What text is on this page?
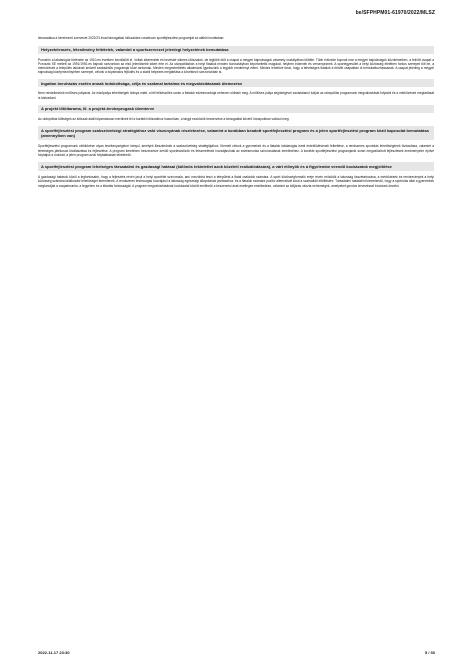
be/SFPHPM01-61970/2022/MLSZ

lemaradása a kérelmező szervezet 2022/23 évad támogatási időszakára vonatkozó sportfejlesztési programját az alábbi bontásban:

Helyzetelemzés, létesítmény feltételek, valamint a sportszervezet jelenlegi helyzetének bemutatása

Porosfón a labdarúgás története az 1910-es években kezdődött el. Voltak sikeresebb és kevésbé sikeres időszakok, de legtöbb időt a csapat a megyei bajnokságok valamely osztályában töltötte. Több évtizede kopnak már a megyei bajnokságok küzdelmeiben, a felnőtt csapat a Porosztó SE mellett az 1991/1992-es bajnoki szezonban az első jelentősebb sikert érte el. Az utánpótlásban a helyi fiatalok minden korosztályban képviseltetik magukat, helyben edzenek és versenyeznek. A sportegyesület a helyi közösség életében fontos szerepet tölt be, a mérkőzések a település lakóinak kedvelt szabadidős programjai közé tartoznak. Minden megmérettetés alkalmával igyekszünk a legjobb eredményt elérni. Mindez lehetővé teszi, hogy a tehetséges fiatalok a felnőtt csapatban is bemutatkozhassanak. A csapat jelenleg a megyei bajnokság középmezőnyében szerepel, célunk a folyamatos fejlődés és a stabil helyezés megtartása a következő szezonokban is.

Ingatlan beruházás esetén annak indokoltsága, célja és szakmai tartalma és megvalósításának ütemezése

Nem rendelkezünk műfüves pályával. Az edzőpálya lehetőségek hiánya miatt, a téli felkészülés során a fiatalok edzésmunkája nehezen oldható meg. A műfüves pálya segítségével zavartalanul tudjuk az utánpótlás programunk megvalósítását folytatni és a mérkőzések megtartását is biztosítani.

A projekt lőtöltarama, III. a projekt-tervkeprogask ütemterve

Az utánpótlás költségek az időszak alatt folyamatosan merülnek fel a korábbi időszakhoz hasonlóan, a tárgyi eszközök beszerzése a támogatást követő hónapokban valósul meg.

A sportfejlesztési program szakszövetségi stratégiához való viszonyának részletezése, valamint a korábban beadott sportfejlesztési program és a jelen sportfejlesztési program közti kapcsolat bemutatása (amennyiben van)

Sportfejlesztési programunk célkitűzése olyan tevékenységekre irányul, amelyek illeszkednek a szakszövetség stratégiájához. Kiemelt célunk a gyermekek és a fiatalok labdarúgás iránti érdeklődésének felkeltése, a rendszeres sportolás lehetőségének biztosítása, valamint a tehetséges játékosok kiválasztása és fejlesztése. A program keretében beszerzésre kerülő sporteszközök és felszerelések hozzájárulnak az edzésmunka színvonalának emeléséhez. A korábbi sportfejlesztési programjaink során megvalósított fejlesztések eredményeire építve folytatjuk a munkát, a jelen program azok folytatásának tekinthető.

A sportfejlesztési program lehetséges társadalmi és gazdasági hatásai (különös tekintettel azok közéleti realizálódására), a várt előnyök és a figyelembe veendő kockázatok megjelölése

A gazdasági hatások közül a legfontosabb, hogy a fejlesztés révén javul a helyi sportélet színvonala, ami vonzóbbá teszi a települést a fiatal családok számára. A sport közösségformáló ereje révén erősödik a lakosság összetartozása, a mérkőzések és rendezvények a helyi közösség számára találkozási lehetőséget teremtenek. A rendszeres testmozgás hozzájárul a lakosság egészségi állapotának javításához, és a fiatalok számára pozitív alternatívát kínál a szabadidő eltöltésére. Társadalmi hatásként kiemelendő, hogy a sportolás által a gyermekek megtanulják a csapatmunka, a fegyelem és a kitartás fontosságát. A program megvalósításának kockázatai között említhető a beszerzési árak esetleges emelkedése, valamint az időjárás okozta nehézségek, amelyeket gondos tervezéssel kívánunk kezelni.

2022-11-17 23:30	5 / 30
